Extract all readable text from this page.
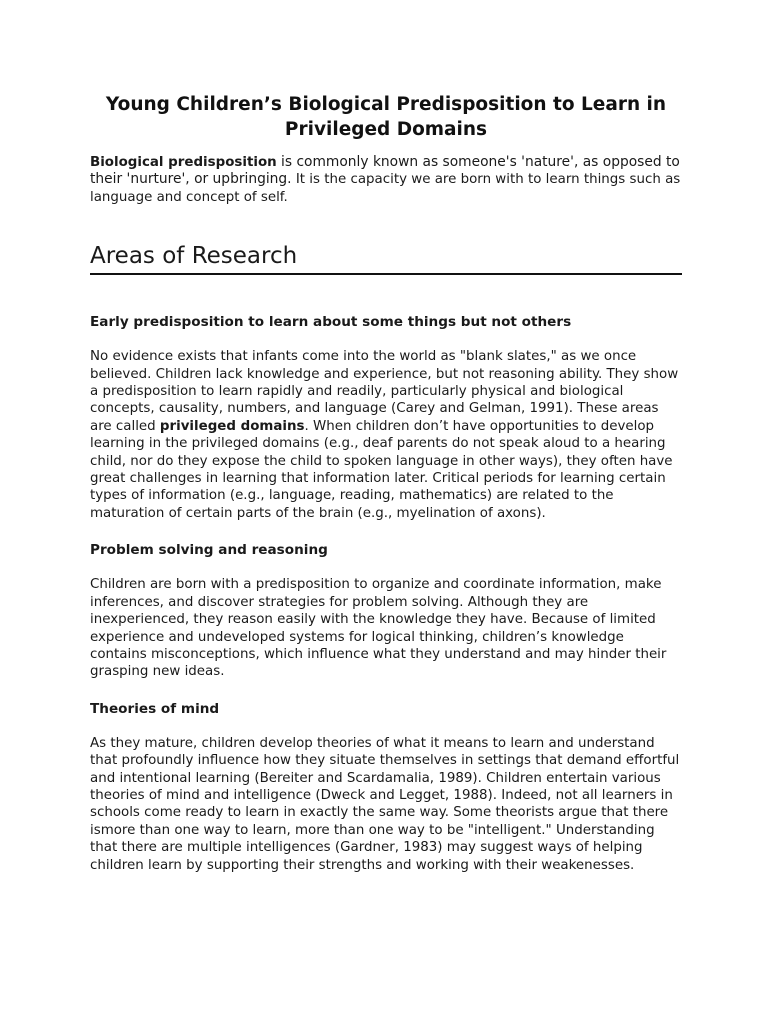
Young Children’s Biological Predisposition to Learn in Privileged Domains

Biological predisposition is commonly known as someone's 'nature', as opposed to their 'nurture', or upbringing. It is the capacity we are born with to learn things such as language and concept of self.

Areas of Research
Early predisposition to learn about some things but not others

No evidence exists that infants come into the world as "blank slates," as we once believed. Children lack knowledge and experience, but not reasoning ability. They show a predisposition to learn rapidly and readily, particularly physical and biological concepts, causality, numbers, and language (Carey and Gelman, 1991). These areas are called privileged domains. When children don’t have opportunities to develop learning in the privileged domains (e.g., deaf parents do not speak aloud to a hearing child, nor do they expose the child to spoken language in other ways), they often have great challenges in learning that information later. Critical periods for learning certain types of information (e.g., language, reading, mathematics) are related to the maturation of certain parts of the brain (e.g., myelination of axons).

Problem solving and reasoning

Children are born with a predisposition to organize and coordinate information, make inferences, and discover strategies for problem solving. Although they are inexperienced, they reason easily with the knowledge they have. Because of limited experience and undeveloped systems for logical thinking, children’s knowledge contains misconceptions, which influence what they understand and may hinder their grasping new ideas.

Theories of mind

As they mature, children develop theories of what it means to learn and understand that profoundly influence how they situate themselves in settings that demand effortful and intentional learning (Bereiter and Scardamalia, 1989). Children entertain various theories of mind and intelligence (Dweck and Legget, 1988). Indeed, not all learners in schools come ready to learn in exactly the same way. Some theorists argue that there ismore than one way to learn, more than one way to be "intelligent." Understanding that there are multiple intelligences (Gardner, 1983) may suggest ways of helping children learn by supporting their strengths and working with their weakenesses.
